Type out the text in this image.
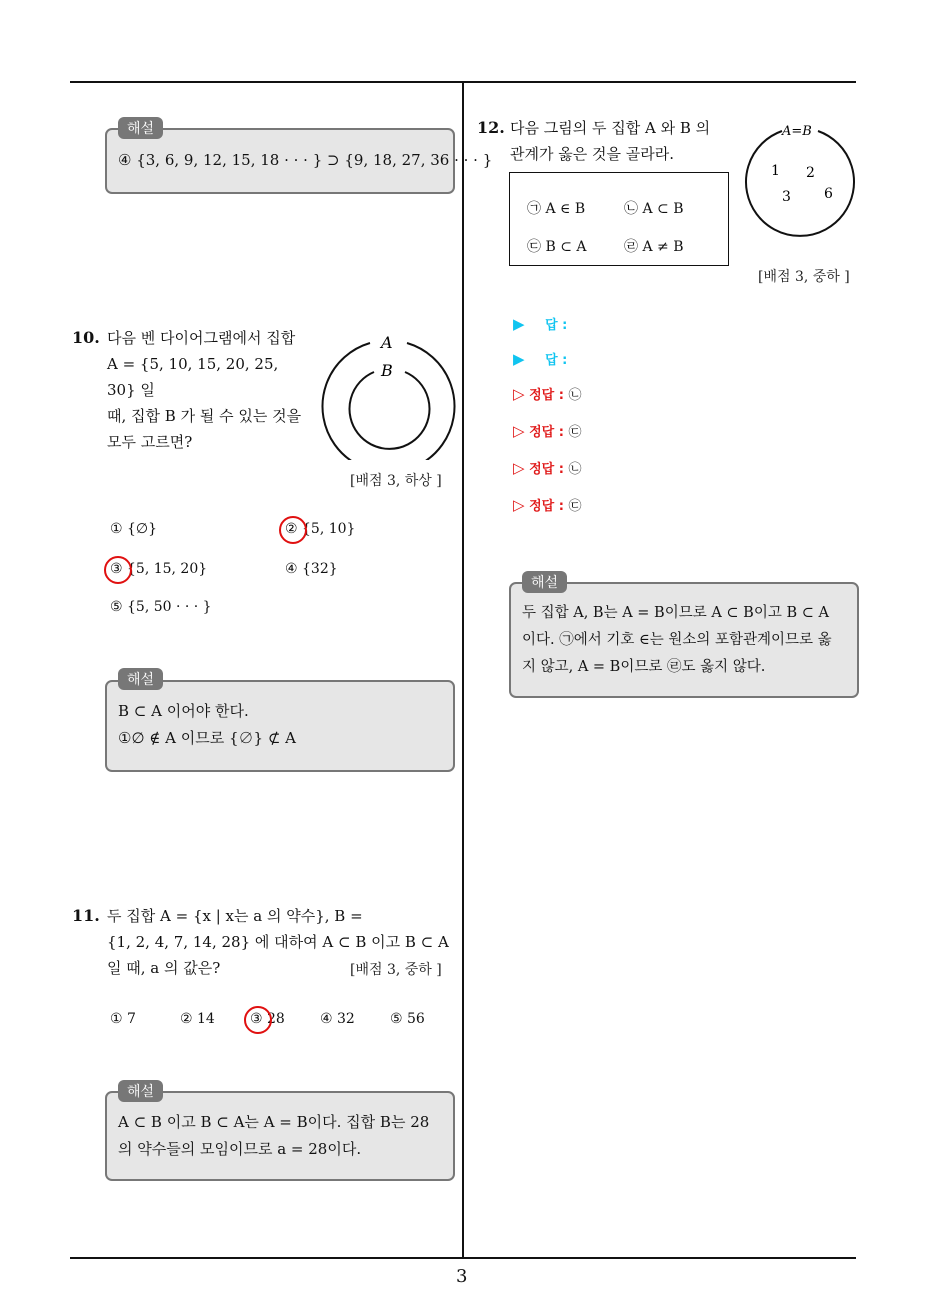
3
해설
④ {3, 6, 9, 12, 15, 18 · · · } ⊃ {9, 18, 27, 36 · · · }
10. 다음 벤 다이어그램에서 집합
A = {5, 10, 15, 20, 25, 30} 일
때, 집합 B 가 될 수 있는 것을
모두 고르면?
A
B
[배점 3, 하상 ]
① {∅}	② {5, 10}
③ {5, 15, 20}	④ {32}
⑤ {5, 50 · · · }
해설
B ⊂ A 이어야 한다.
①∅ ∉ A 이므로 {∅} ⊄ A
11. 두 집합 A = {x | x는 a 의 약수}, B =
{1, 2, 4, 7, 14, 28} 에 대하여 A ⊂ B 이고 B ⊂ A
일 때, a 의 값은?	[배점 3, 중하 ]
① 7	② 14	③ 28	④ 32	⑤ 56
해설
A ⊂ B 이고 B ⊂ A는 A = B이다. 집합 B는 28
의 약수들의 모임이므로 a = 28이다.
12. 다음 그림의 두 집합 A 와 B 의
관계가 옳은 것을 골라라.
㉠ A ∈ B	㉡ A ⊂ B
㉢ B ⊂ A	㉣ A ≠ B
A=B
1 2
3 6
[배점 3, 중하 ]
▶ 답 :
▶ 답 :
▷ 정답 : ㉡
▷ 정답 : ㉢
▷ 정답 : ㉡
▷ 정답 : ㉢
해설
두 집합 A, B는 A = B이므로 A ⊂ B이고 B ⊂ A
이다. ㉠에서 기호 ∈는 원소의 포함관계이므로 옳
지 않고, A = B이므로 ㉣도 옳지 않다.
